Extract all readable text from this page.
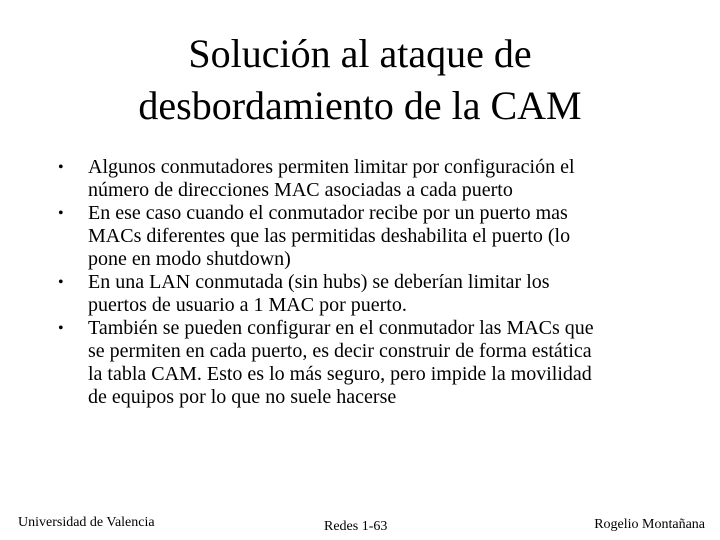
Solución al ataque de
desbordamiento de la CAM
•	Algunos conmutadores permiten limitar por configuración el
número de direcciones MAC asociadas a cada puerto
•	En ese caso cuando el conmutador recibe por un puerto mas
MACs diferentes que las permitidas deshabilita el puerto (lo
pone en modo shutdown)
•	En una LAN conmutada (sin hubs) se deberían limitar los
puertos de usuario a 1 MAC por puerto.
•	También se pueden configurar en el conmutador las MACs que
se permiten en cada puerto, es decir construir de forma estática
la tabla CAM. Esto es lo más seguro, pero impide la movilidad
de equipos por lo que no suele hacerse
Universidad de Valencia	Redes 1-63	Rogelio Montañana
